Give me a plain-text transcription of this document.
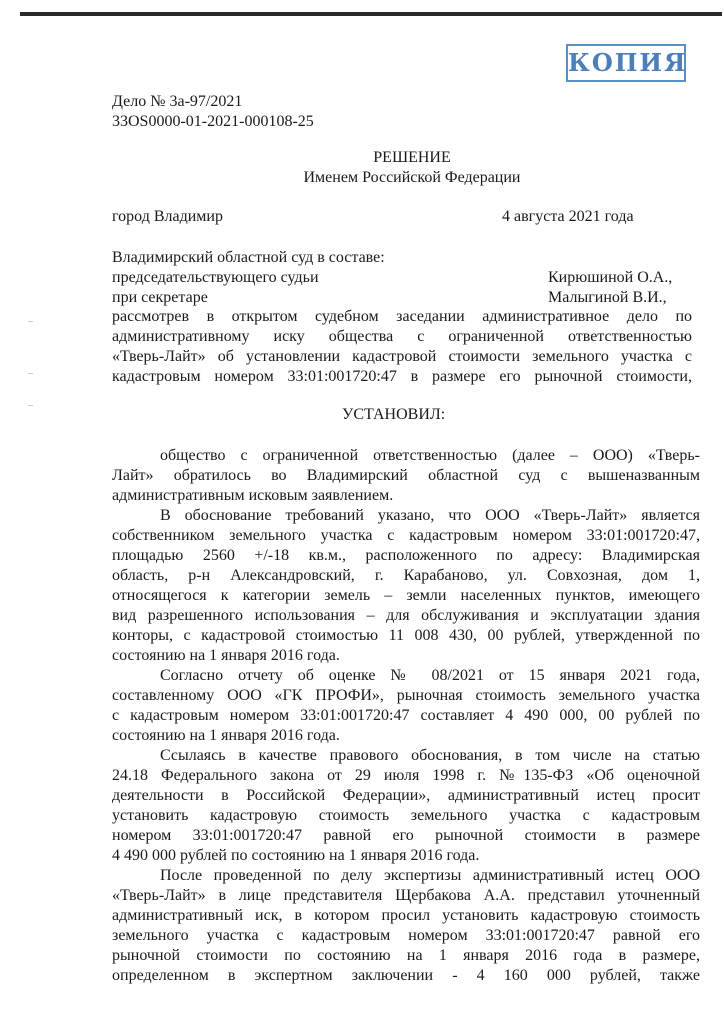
КОПИЯ
Дело № 3а-97/2021
33OS0000-01-2021-000108-25
РЕШЕНИЕ
Именем Российской Федерации
город Владимир	4 августа 2021 года
Владимирский областной суд в составе:
председательствующего судьи	Кирюшиной О.А.,
при секретаре	Малыгиной В.И.,
рассмотрев в открытом судебном заседании административное дело по
административному иску общества с ограниченной ответственностью
«Тверь-Лайт» об установлении кадастровой стоимости земельного участка с
кадастровым номером 33:01:001720:47 в размере его рыночной стоимости,
УСТАНОВИЛ:
общество с ограниченной ответственностью (далее – ООО) «Тверь-
Лайт» обратилось во Владимирский областной суд с вышеназванным
административным исковым заявлением.
В обоснование требований указано, что ООО «Тверь-Лайт» является
собственником земельного участка с кадастровым номером 33:01:001720:47,
площадью 2560 +/-18 кв.м., расположенного по адресу: Владимирская
область, р-н Александровский, г. Карабаново, ул. Совхозная, дом 1,
относящегося к категории земель – земли населенных пунктов, имеющего
вид разрешенного использования – для обслуживания и эксплуатации здания
конторы, с кадастровой стоимостью 11 008 430, 00 рублей, утвержденной по
состоянию на 1 января 2016 года.
Согласно отчету об оценке № 08/2021 от 15 января 2021 года,
составленному ООО «ГК ПРОФИ», рыночная стоимость земельного участка
с кадастровым номером 33:01:001720:47 составляет 4 490 000, 00 рублей по
состоянию на 1 января 2016 года.
Ссылаясь в качестве правового обоснования, в том числе на статью
24.18 Федерального закона от 29 июля 1998 г. №135-ФЗ «Об оценочной
деятельности в Российской Федерации», административный истец просит
установить кадастровую стоимость земельного участка с кадастровым
номером 33:01:001720:47 равной его рыночной стоимости в размере
4 490 000 рублей по состоянию на 1 января 2016 года.
После проведенной по делу экспертизы административный истец ООО
«Тверь-Лайт» в лице представителя Щербакова А.А. представил уточненный
административный иск, в котором просил установить кадастровую стоимость
земельного участка с кадастровым номером 33:01:001720:47 равной его
рыночной стоимости по состоянию на 1 января 2016 года в размере,
определенном в экспертном заключении - 4 160 000 рублей, также
–
–
–
